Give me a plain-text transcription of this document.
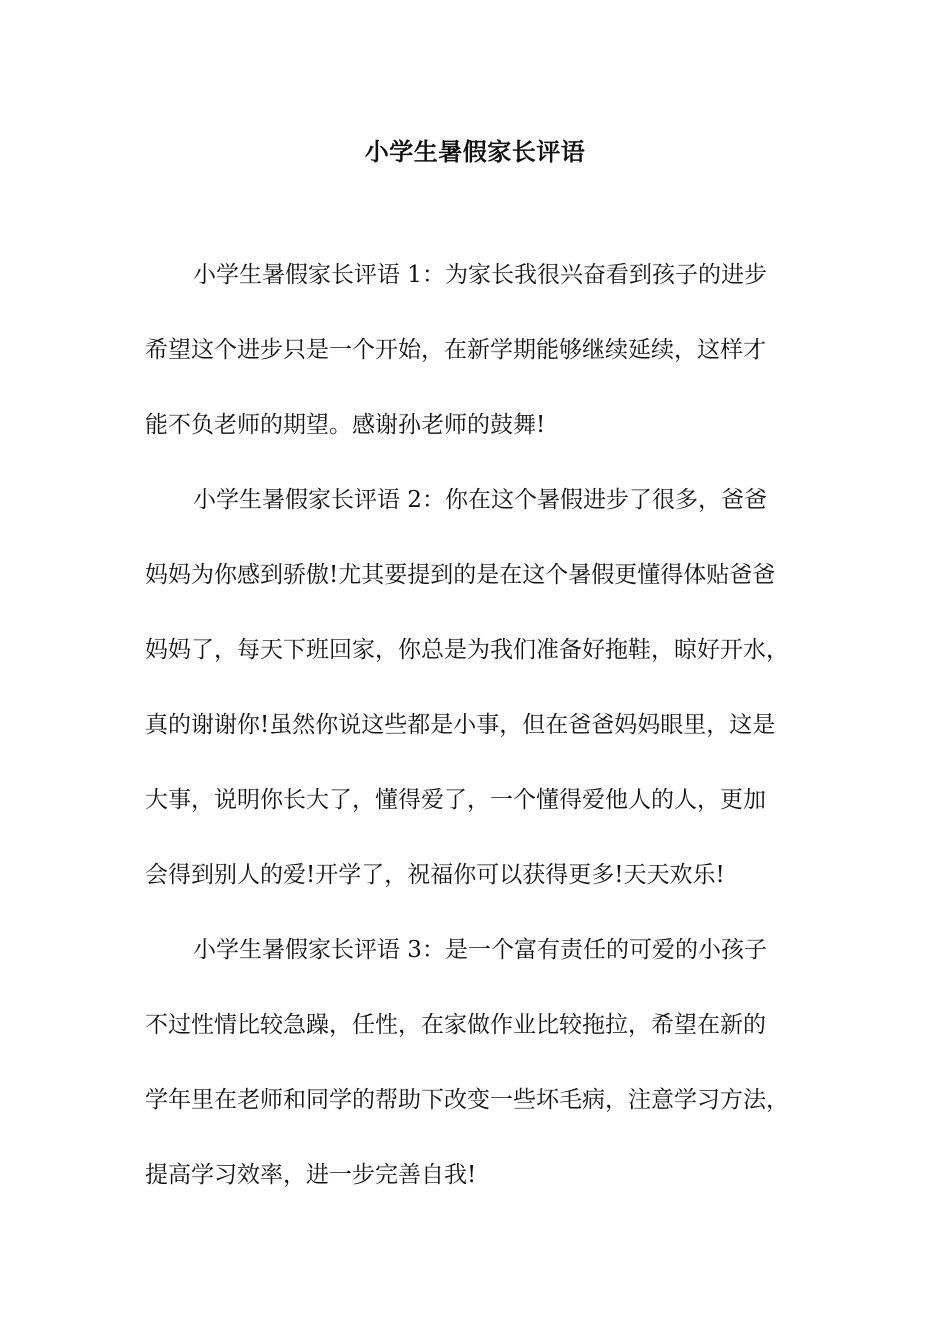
小学生暑假家长评语
小学生暑假家长评语 1：为家长我很兴奋看到孩子的进步
希望这个进步只是一个开始，在新学期能够继续延续，这样才
能不负老师的期望。感谢孙老师的鼓舞!
小学生暑假家长评语 2：你在这个暑假进步了很多，爸爸
妈妈为你感到骄傲!尤其要提到的是在这个暑假更懂得体贴爸爸
妈妈了，每天下班回家，你总是为我们准备好拖鞋，晾好开水，
真的谢谢你!虽然你说这些都是小事，但在爸爸妈妈眼里，这是
大事，说明你长大了，懂得爱了，一个懂得爱他人的人，更加
会得到别人的爱!开学了，祝福你可以获得更多!天天欢乐!
小学生暑假家长评语 3：是一个富有责任的可爱的小孩子
不过性情比较急躁，任性，在家做作业比较拖拉，希望在新的
学年里在老师和同学的帮助下改变一些坏毛病，注意学习方法，
提高学习效率，进一步完善自我!
